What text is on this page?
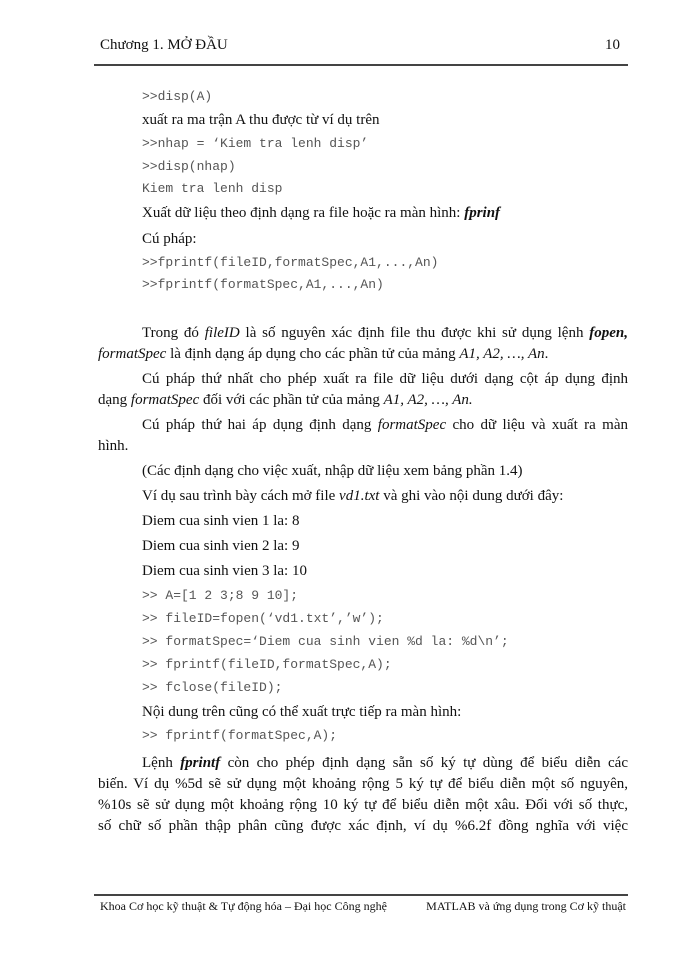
Chương 1. MỞ ĐẦU	10
>>disp(A)
xuất ra ma trận A thu được từ ví dụ trên
>>nhap = ‘Kiem tra lenh disp’
>>disp(nhap)
Kiem tra lenh disp
Xuất dữ liệu theo định dạng ra file hoặc ra màn hình: fprinf
Cú pháp:
>>fprintf(fileID,formatSpec,A1,...,An)
>>fprintf(formatSpec,A1,...,An)
Trong đó fileID là số nguyên xác định file thu được khi sử dụng lệnh fopen,
formatSpec là định dạng áp dụng cho các phần tử của mảng A1, A2, …, An.
Cú pháp thứ nhất cho phép xuất ra file dữ liệu dưới dạng cột áp dụng định
dạng formatSpec đối với các phần tử của mảng A1, A2, …, An.
Cú pháp thứ hai áp dụng định dạng formatSpec cho dữ liệu và xuất ra màn
hình.
(Các định dạng cho việc xuất, nhập dữ liệu xem bảng phần 1.4)
Ví dụ sau trình bày cách mở file vd1.txt và ghi vào nội dung dưới đây:
Diem cua sinh vien 1 la: 8
Diem cua sinh vien 2 la: 9
Diem cua sinh vien 3 la: 10
>> A=[1 2 3;8 9 10];
>> fileID=fopen(‘vd1.txt’,’w’);
>> formatSpec=‘Diem cua sinh vien %d la: %d\n’;
>> fprintf(fileID,formatSpec,A);
>> fclose(fileID);
Nội dung trên cũng có thể xuất trực tiếp ra màn hình:
>> fprintf(formatSpec,A);
Lệnh fprintf còn cho phép định dạng sẵn số ký tự dùng để biểu diễn các
biến. Ví dụ %5d sẽ sử dụng một khoảng rộng 5 ký tự để biểu diễn một số nguyên,
%10s sẽ sử dụng một khoảng rộng 10 ký tự để biểu diễn một xâu. Đối với số thực,
số chữ số phần thập phân cũng được xác định, ví dụ %6.2f đồng nghĩa với việc
Khoa Cơ học kỹ thuật & Tự động hóa – Đại học Công nghệ	MATLAB và ứng dụng trong Cơ kỹ thuật
